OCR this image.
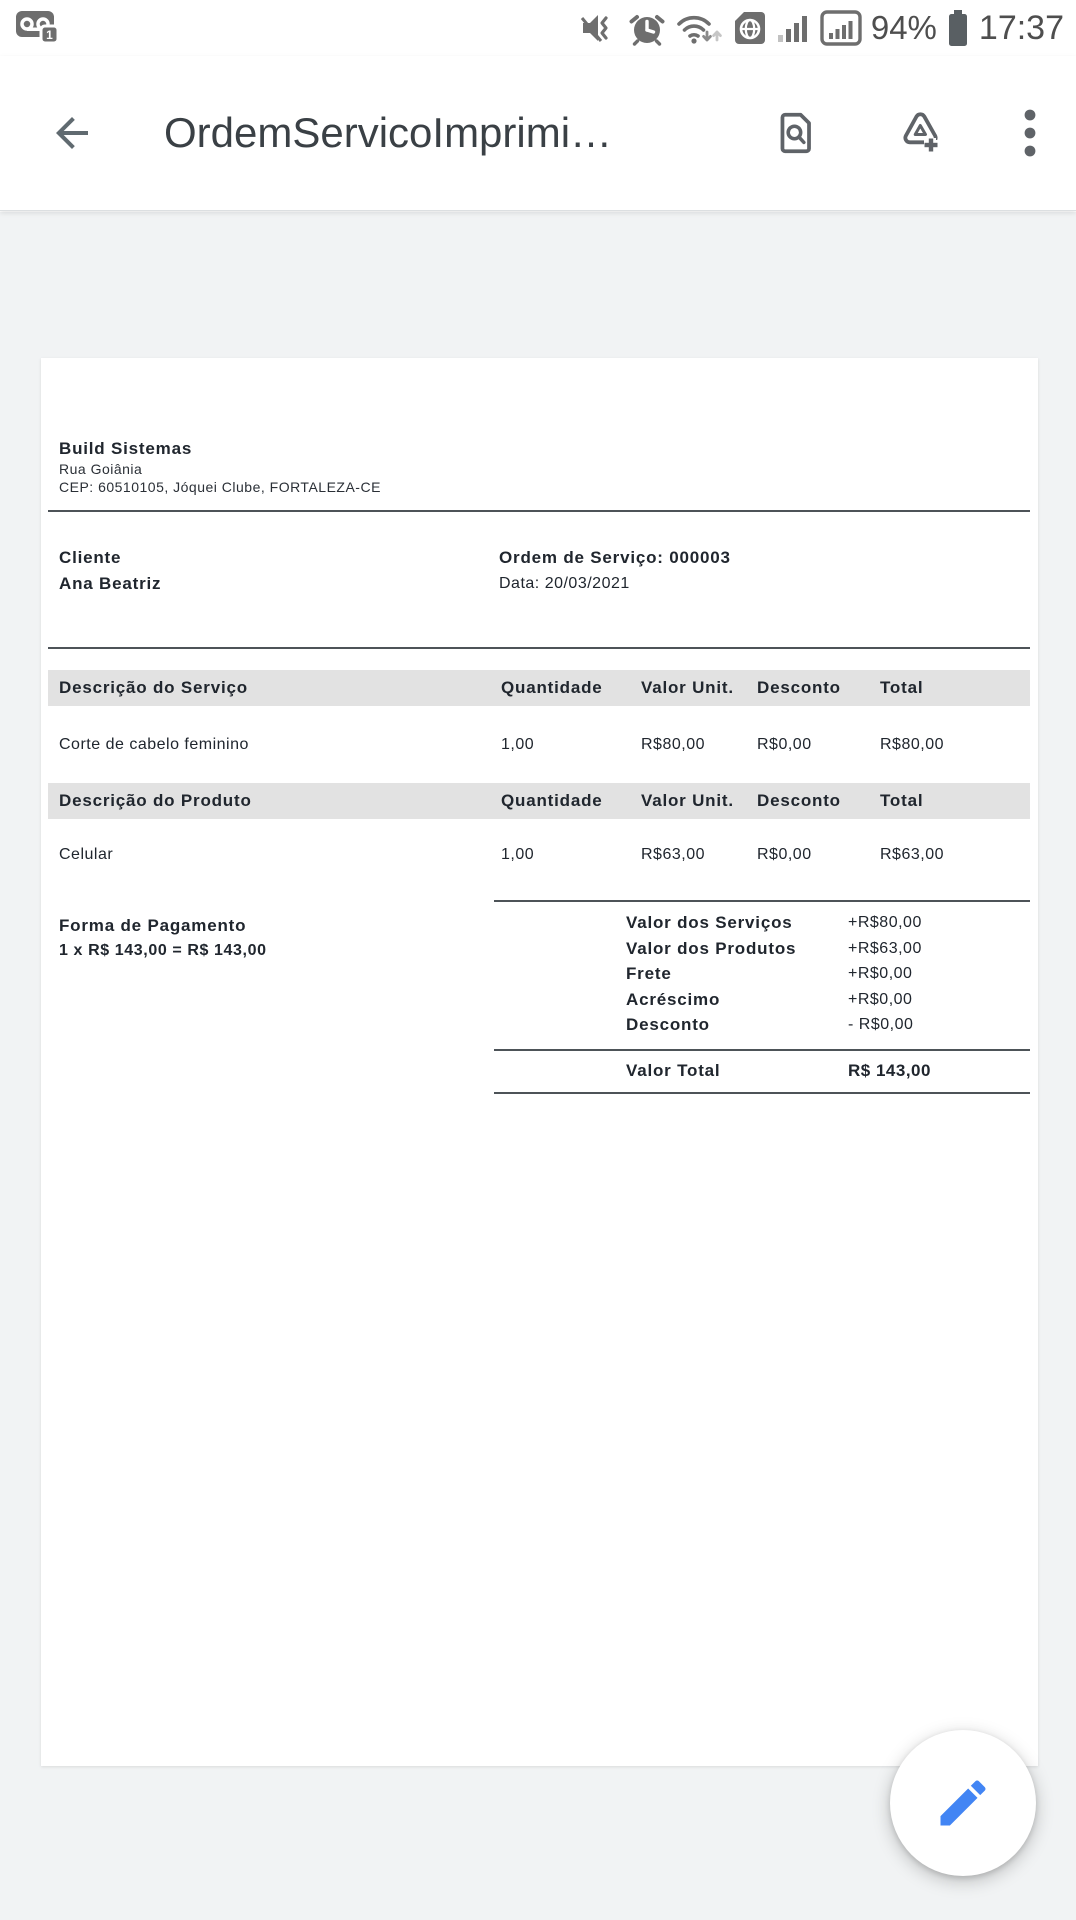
1	94% 17:37
OrdemServicoImprimi…
Build Sistemas
Rua Goiânia
CEP: 60510105, Jóquei Clube, FORTALEZA-CE
Cliente
Ana Beatriz
Ordem de Serviço: 000003
Data: 20/03/2021
Descrição do Serviço	Quantidade	Valor Unit.	Desconto	Total
Corte de cabelo feminino	1,00	R$80,00	R$0,00	R$80,00
Descrição do Produto	Quantidade	Valor Unit.	Desconto	Total
Celular	1,00	R$63,00	R$0,00	R$63,00
Forma de Pagamento
1 x R$ 143,00 = R$ 143,00
Valor dos Serviços	+R$80,00
Valor dos Produtos	+R$63,00
Frete	+R$0,00
Acréscimo	+R$0,00
Desconto	- R$0,00
Valor Total	R$ 143,00
